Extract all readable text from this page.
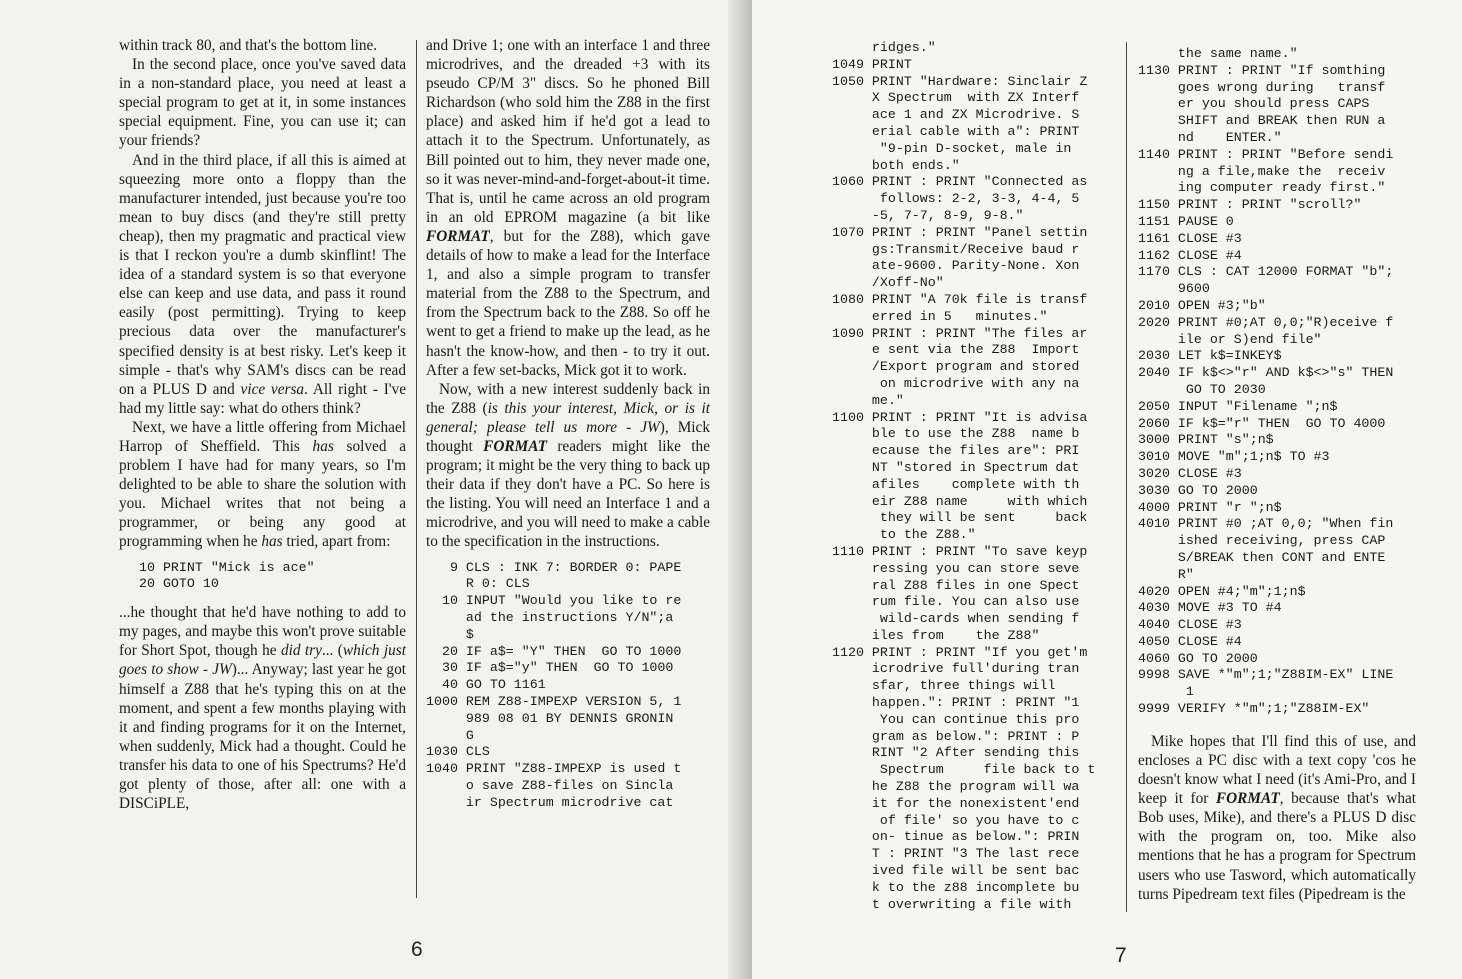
within track 80, and that's the bottom line.

In the second place, once you've saved data in a non-standard place, you need at least a special program to get at it, in some instances special equipment. Fine, you can use it; can your friends?

And in the third place, if all this is aimed at squeezing more onto a floppy than the manufacturer intended, just because you're too mean to buy discs (and they're still pretty cheap), then my pragmatic and practical view is that I reckon you're a dumb skinflint! The idea of a standard system is so that everyone else can keep and use data, and pass it round easily (post permitting). Trying to keep precious data over the manufacturer's specified density is at best risky. Let's keep it simple - that's why SAM's discs can be read on a PLUS D and vice versa. All right - I've had my little say: what do others think?

Next, we have a little offering from Michael Harrop of Sheffield. This has solved a problem I have had for many years, so I'm delighted to be able to share the solution with you. Michael writes that not being a programmer, or being any good at programming when he has tried, apart from:

10 PRINT "Mick is ace"
20 GOTO 10

...he thought that he'd have nothing to add to my pages, and maybe this won't prove suitable for Short Spot, though he did try... (which just goes to show - JW)... Anyway; last year he got himself a Z88 that he's typing this on at the moment, and spent a few months playing with it and finding programs for it on the Internet, when suddenly, Mick had a thought. Could he transfer his data to one of his Spectrums? He'd got plenty of those, after all: one with a DISCiPLE,

and Drive 1; one with an interface 1 and three microdrives, and the dreaded +3 with its pseudo CP/M 3" discs. So he phoned Bill Richardson (who sold him the Z88 in the first place) and asked him if he'd got a lead to attach it to the Spectrum. Unfortunately, as Bill pointed out to him, they never made one, so it was never-mind-and-forget-about-it time. That is, until he came across an old program in an old EPROM magazine (a bit like FORMAT, but for the Z88), which gave details of how to make a lead for the Interface 1, and also a simple program to transfer material from the Z88 to the Spectrum, and from the Spectrum back to the Z88. So off he went to get a friend to make up the lead, as he hasn't the know-how, and then - to try it out. After a few set-backs, Mick got it to work.

Now, with a new interest suddenly back in the Z88 (is this your interest, Mick, or is it general; please tell us more - JW), Mick thought FORMAT readers might like the program; it might be the very thing to back up their data if they don't have a PC. So here is the listing. You will need an Interface 1 and a microdrive, and you will need to make a cable to the specification in the instructions.

9 CLS : INK 7: BORDER 0: PAPE
R 0: CLS
10 INPUT "Would you like to re
ad the instructions Y/N";a
$
20 IF a$= "Y" THEN  GO TO 1000
30 IF a$="y" THEN  GO TO 1000
40 GO TO 1161
1000 REM Z88-IMPEXP VERSION 5, 1
989 08 01 BY DENNIS GRONIN
G
1030 CLS
1040 PRINT "Z88-IMPEXP is used t
o save Z88-files on Sincla
ir Spectrum microdrive cat
6
ridges."
1049 PRINT
1050 PRINT "Hardware: Sinclair Z
X Spectrum  with ZX Interf
ace 1 and ZX Microdrive. S
erial cable with a": PRINT
"9-pin D-socket, male in
both ends."
1060 PRINT : PRINT "Connected as
follows: 2-2, 3-3, 4-4, 5
-5, 7-7, 8-9, 9-8."
1070 PRINT : PRINT "Panel settin
gs:Transmit/Receive baud r
ate-9600. Parity-None. Xon
/Xoff-No"
1080 PRINT "A 70k file is transf
erred in 5   minutes."
1090 PRINT : PRINT "The files ar
e sent via the Z88  Import
/Export program and stored
on microdrive with any na
me."
1100 PRINT : PRINT "It is advisa
ble to use the Z88  name b
ecause the files are": PRI
NT "stored in Spectrum dat
afiles    complete with th
eir Z88 name     with which
they will be sent     back
to the Z88."
1110 PRINT : PRINT "To save keyp
ressing you can store seve
ral Z88 files in one Spect
rum file. You can also use
wild-cards when sending f
iles from    the Z88"
1120 PRINT : PRINT "If you get'm
icrodrive full'during tran
sfar, three things will
happen.": PRINT : PRINT "1
You can continue this pro
gram as below.": PRINT : P
RINT "2 After sending this
Spectrum     file back to t
he Z88 the program will wa
it for the nonexistent'end
of file' so you have to c
on- tinue as below.": PRIN
T : PRINT "3 The last rece
ived file will be sent bac
k to the z88 incomplete bu
t overwriting a file with
the same name."
1130 PRINT : PRINT "If somthing
goes wrong during   transf
er you should press CAPS
SHIFT and BREAK then RUN a
nd    ENTER."
1140 PRINT : PRINT "Before sendi
ng a file,make the  receiv
ing computer ready first."
1150 PRINT : PRINT "scroll?"
1151 PAUSE 0
1161 CLOSE #3
1162 CLOSE #4
1170 CLS : CAT 12000 FORMAT "b";
9600
2010 OPEN #3;"b"
2020 PRINT #0;AT 0,0;"R)eceive f
ile or S)end file"
2030 LET k$=INKEY$
2040 IF k$<>"r" AND k$<>"s" THEN
GO TO 2030
2050 INPUT "Filename ";n$
2060 IF k$="r" THEN  GO TO 4000
3000 PRINT "s";n$
3010 MOVE "m";1;n$ TO #3
3020 CLOSE #3
3030 GO TO 2000
4000 PRINT "r ";n$
4010 PRINT #0 ;AT 0,0; "When fin
ished receiving, press CAP
S/BREAK then CONT and ENTE
R"
4020 OPEN #4;"m";1;n$
4030 MOVE #3 TO #4
4040 CLOSE #3
4050 CLOSE #4
4060 GO TO 2000
9998 SAVE *"m";1;"Z88IM-EX" LINE
1
9999 VERIFY *"m";1;"Z88IM-EX"

Mike hopes that I'll find this of use, and encloses a PC disc with a text copy 'cos he doesn't know what I need (it's Ami-Pro, and I keep it for FORMAT, because that's what Bob uses, Mike), and there's a PLUS D disc with the program on, too. Mike also mentions that he has a program for Spectrum users who use Tasword, which automatically turns Pipedream text files (Pipedream is the

7
